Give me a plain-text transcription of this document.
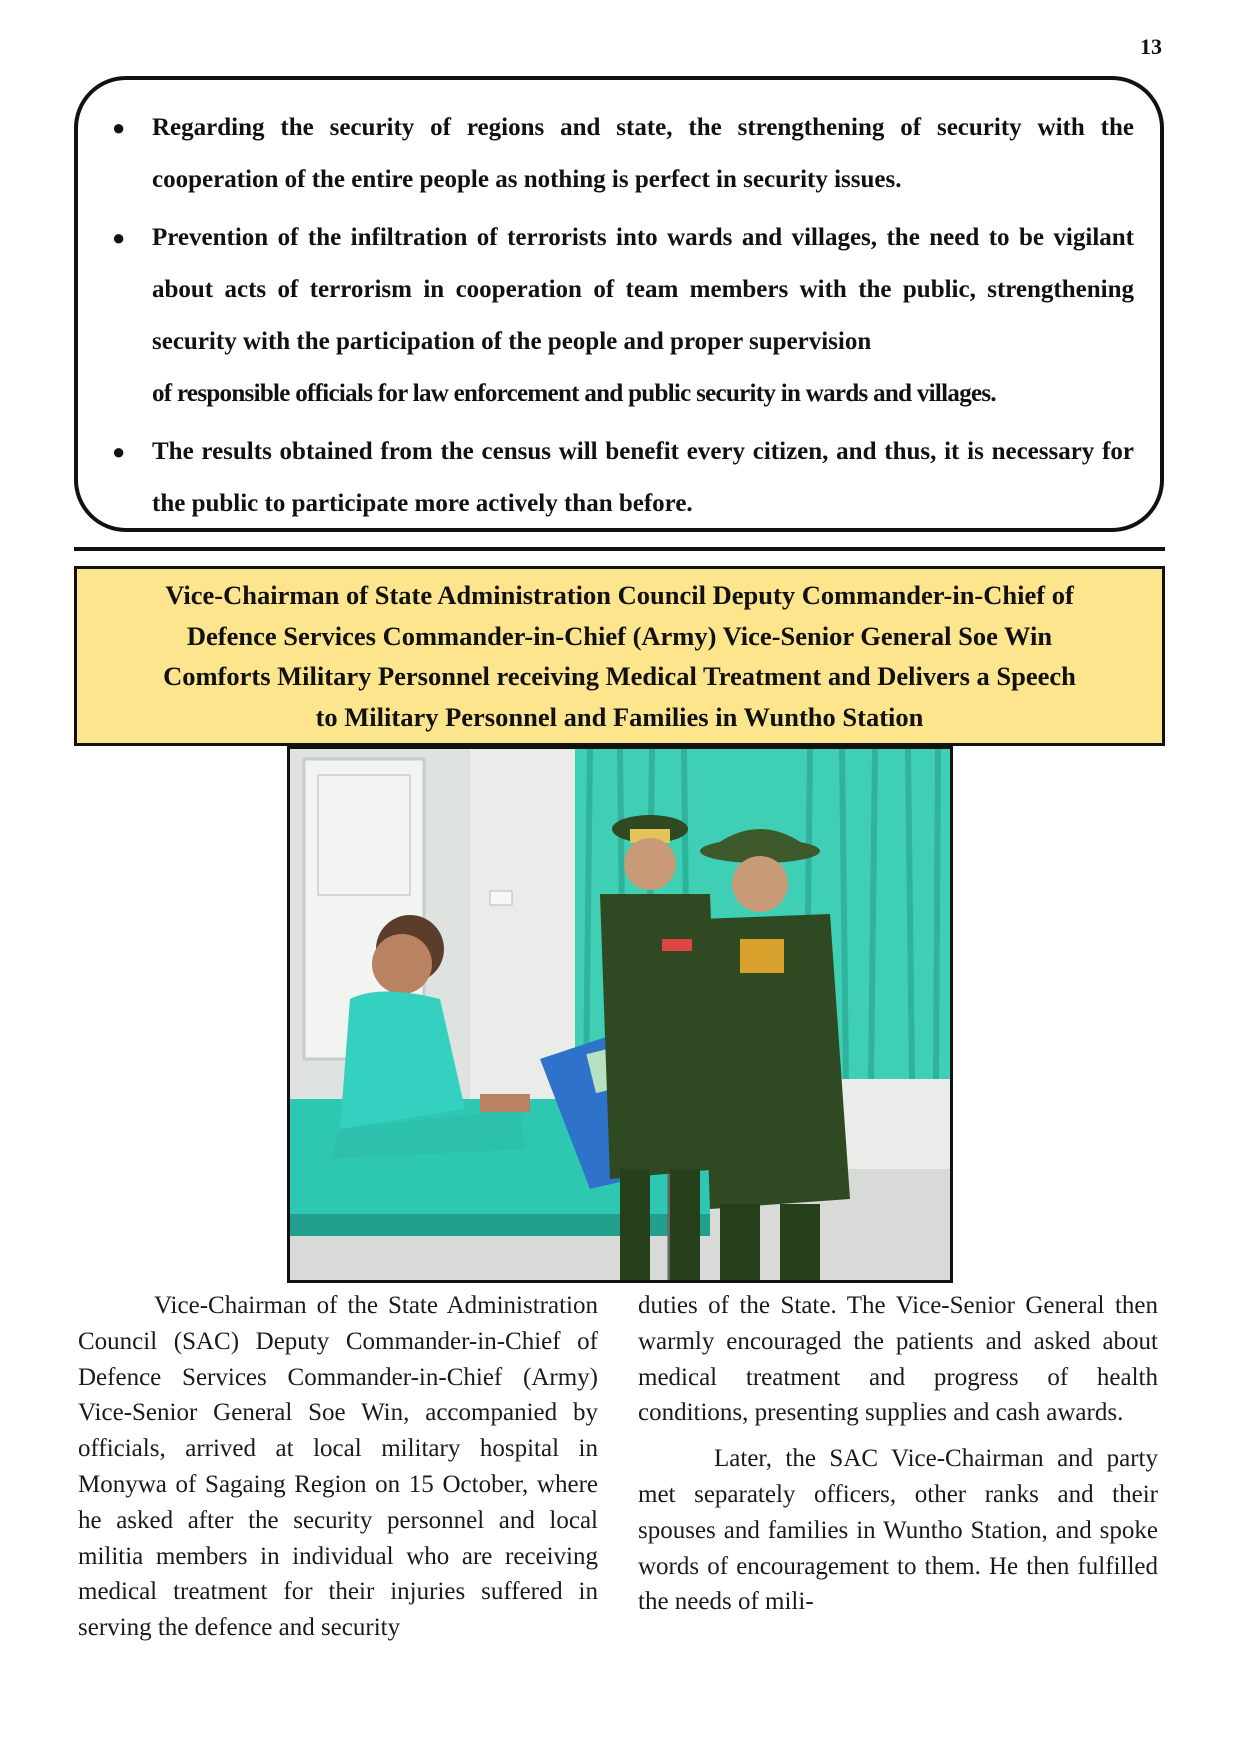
13
● Regarding the security of regions and state, the strengthening of security with the cooperation of the entire people as nothing is perfect in security issues.
● Prevention of the infiltration of terrorists into wards and villages, the need to be vigilant about acts of terrorism in cooperation of team members with the public, strengthening security with the participation of the people and proper supervision
of responsible officials for law enforcement and public security in wards and villages.
● The results obtained from the census will benefit every citizen, and thus, it is necessary for the public to participate more actively than before.
Vice-Chairman of State Administration Council Deputy Commander-in-Chief of
Defence Services Commander-in-Chief (Army) Vice-Senior General Soe Win
Comforts Military Personnel receiving Medical Treatment and Delivers a Speech
to Military Personnel and Families in Wuntho Station

Vice-Chairman of the State Administration Council (SAC) Deputy Commander-in-Chief of Defence Services Commander-in-Chief (Army) Vice-Senior General Soe Win, accompanied by officials, arrived at local military hospital in Monywa of Sagaing Region on 15 October, where he asked after the security personnel and local militia members in individual who are receiving medical treatment for their injuries suffered in serving the defence and security

duties of the State. The Vice-Senior General then warmly encouraged the patients and asked about medical treatment and progress of health conditions, presenting supplies and cash awards.

Later, the SAC Vice-Chairman and party met separately officers, other ranks and their spouses and families in Wuntho Station, and spoke words of encouragement to them. He then fulfilled the needs of mili-
